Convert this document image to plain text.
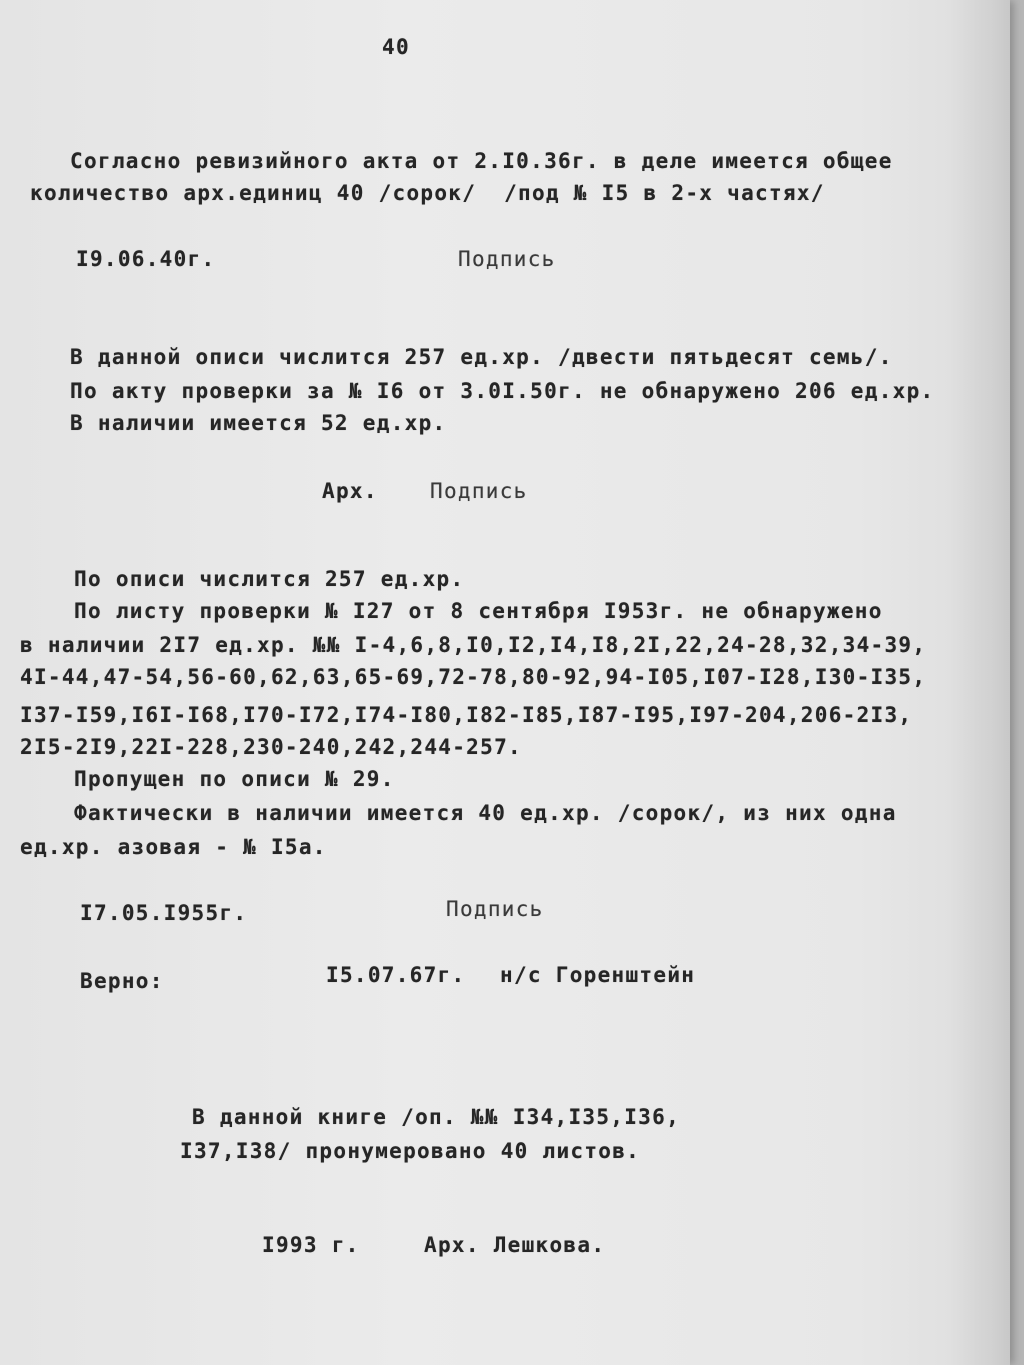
40
Согласно ревизийного акта от 2.I0.36г. в деле имеется общее
количество арх.единиц 40 /сорок/  /под № I5 в 2-х частях/
I9.06.40г.	Подпись
В данной описи числится 257 ед.хр. /двести пятьдесят семь/.
По акту проверки за № I6 от 3.0I.50г. не обнаружено 206 ед.хр.
В наличии имеется 52 ед.хр.
Арх. Подпись
По описи числится 257 ед.хр.
По листу проверки № I27 от 8 сентября I953г. не обнаружено
в наличии 2I7 ед.хр. №№ I-4,6,8,I0,I2,I4,I8,2I,22,24-28,32,34-39,
4I-44,47-54,56-60,62,63,65-69,72-78,80-92,94-I05,I07-I28,I30-I35,
I37-I59,I6I-I68,I70-I72,I74-I80,I82-I85,I87-I95,I97-204,206-2I3,
2I5-2I9,22I-228,230-240,242,244-257.
Пропущен по описи № 29.
Фактически в наличии имеется 40 ед.хр. /сорок/, из них одна
ед.хр. азовая - № I5а.
I7.05.I955г.	Подпись
Верно:	I5.07.67г. н/с Горенштейн
В данной книге /оп. №№ I34,I35,I36,
I37,I38/ пронумеровано 40 листов.
I993 г.	Арх. Лешкова.
